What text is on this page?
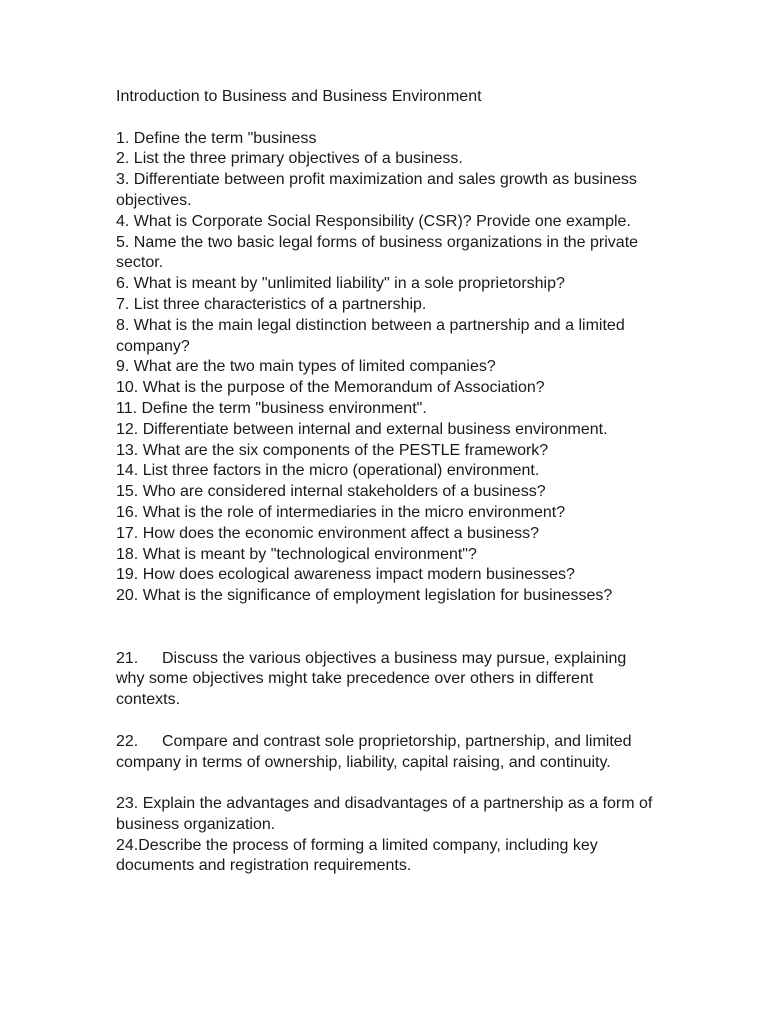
Introduction to Business and Business Environment

1. Define the term "business

2. List the three primary objectives of a business.

3. Differentiate between profit maximization and sales growth as business objectives.

4. What is Corporate Social Responsibility (CSR)? Provide one example.

5. Name the two basic legal forms of business organizations in the private sector.

6. What is meant by "unlimited liability" in a sole proprietorship?

7. List three characteristics of a partnership.

8. What is the main legal distinction between a partnership and a limited company?

9. What are the two main types of limited companies?

10. What is the purpose of the Memorandum of Association?

11. Define the term "business environment".

12. Differentiate between internal and external business environment.

13. What are the six components of the PESTLE framework?

14. List three factors in the micro (operational) environment.

15. Who are considered internal stakeholders of a business?

16. What is the role of intermediaries in the micro environment?

17. How does the economic environment affect a business?

18. What is meant by "technological environment"?

19. How does ecological awareness impact modern businesses?

20. What is the significance of employment legislation for businesses?

21. Discuss the various objectives a business may pursue, explaining why some objectives might take precedence over others in different contexts.

22. Compare and contrast sole proprietorship, partnership, and limited company in terms of ownership, liability, capital raising, and continuity.

23. Explain the advantages and disadvantages of a partnership as a form of business organization.

24.Describe the process of forming a limited company, including key documents and registration requirements.
